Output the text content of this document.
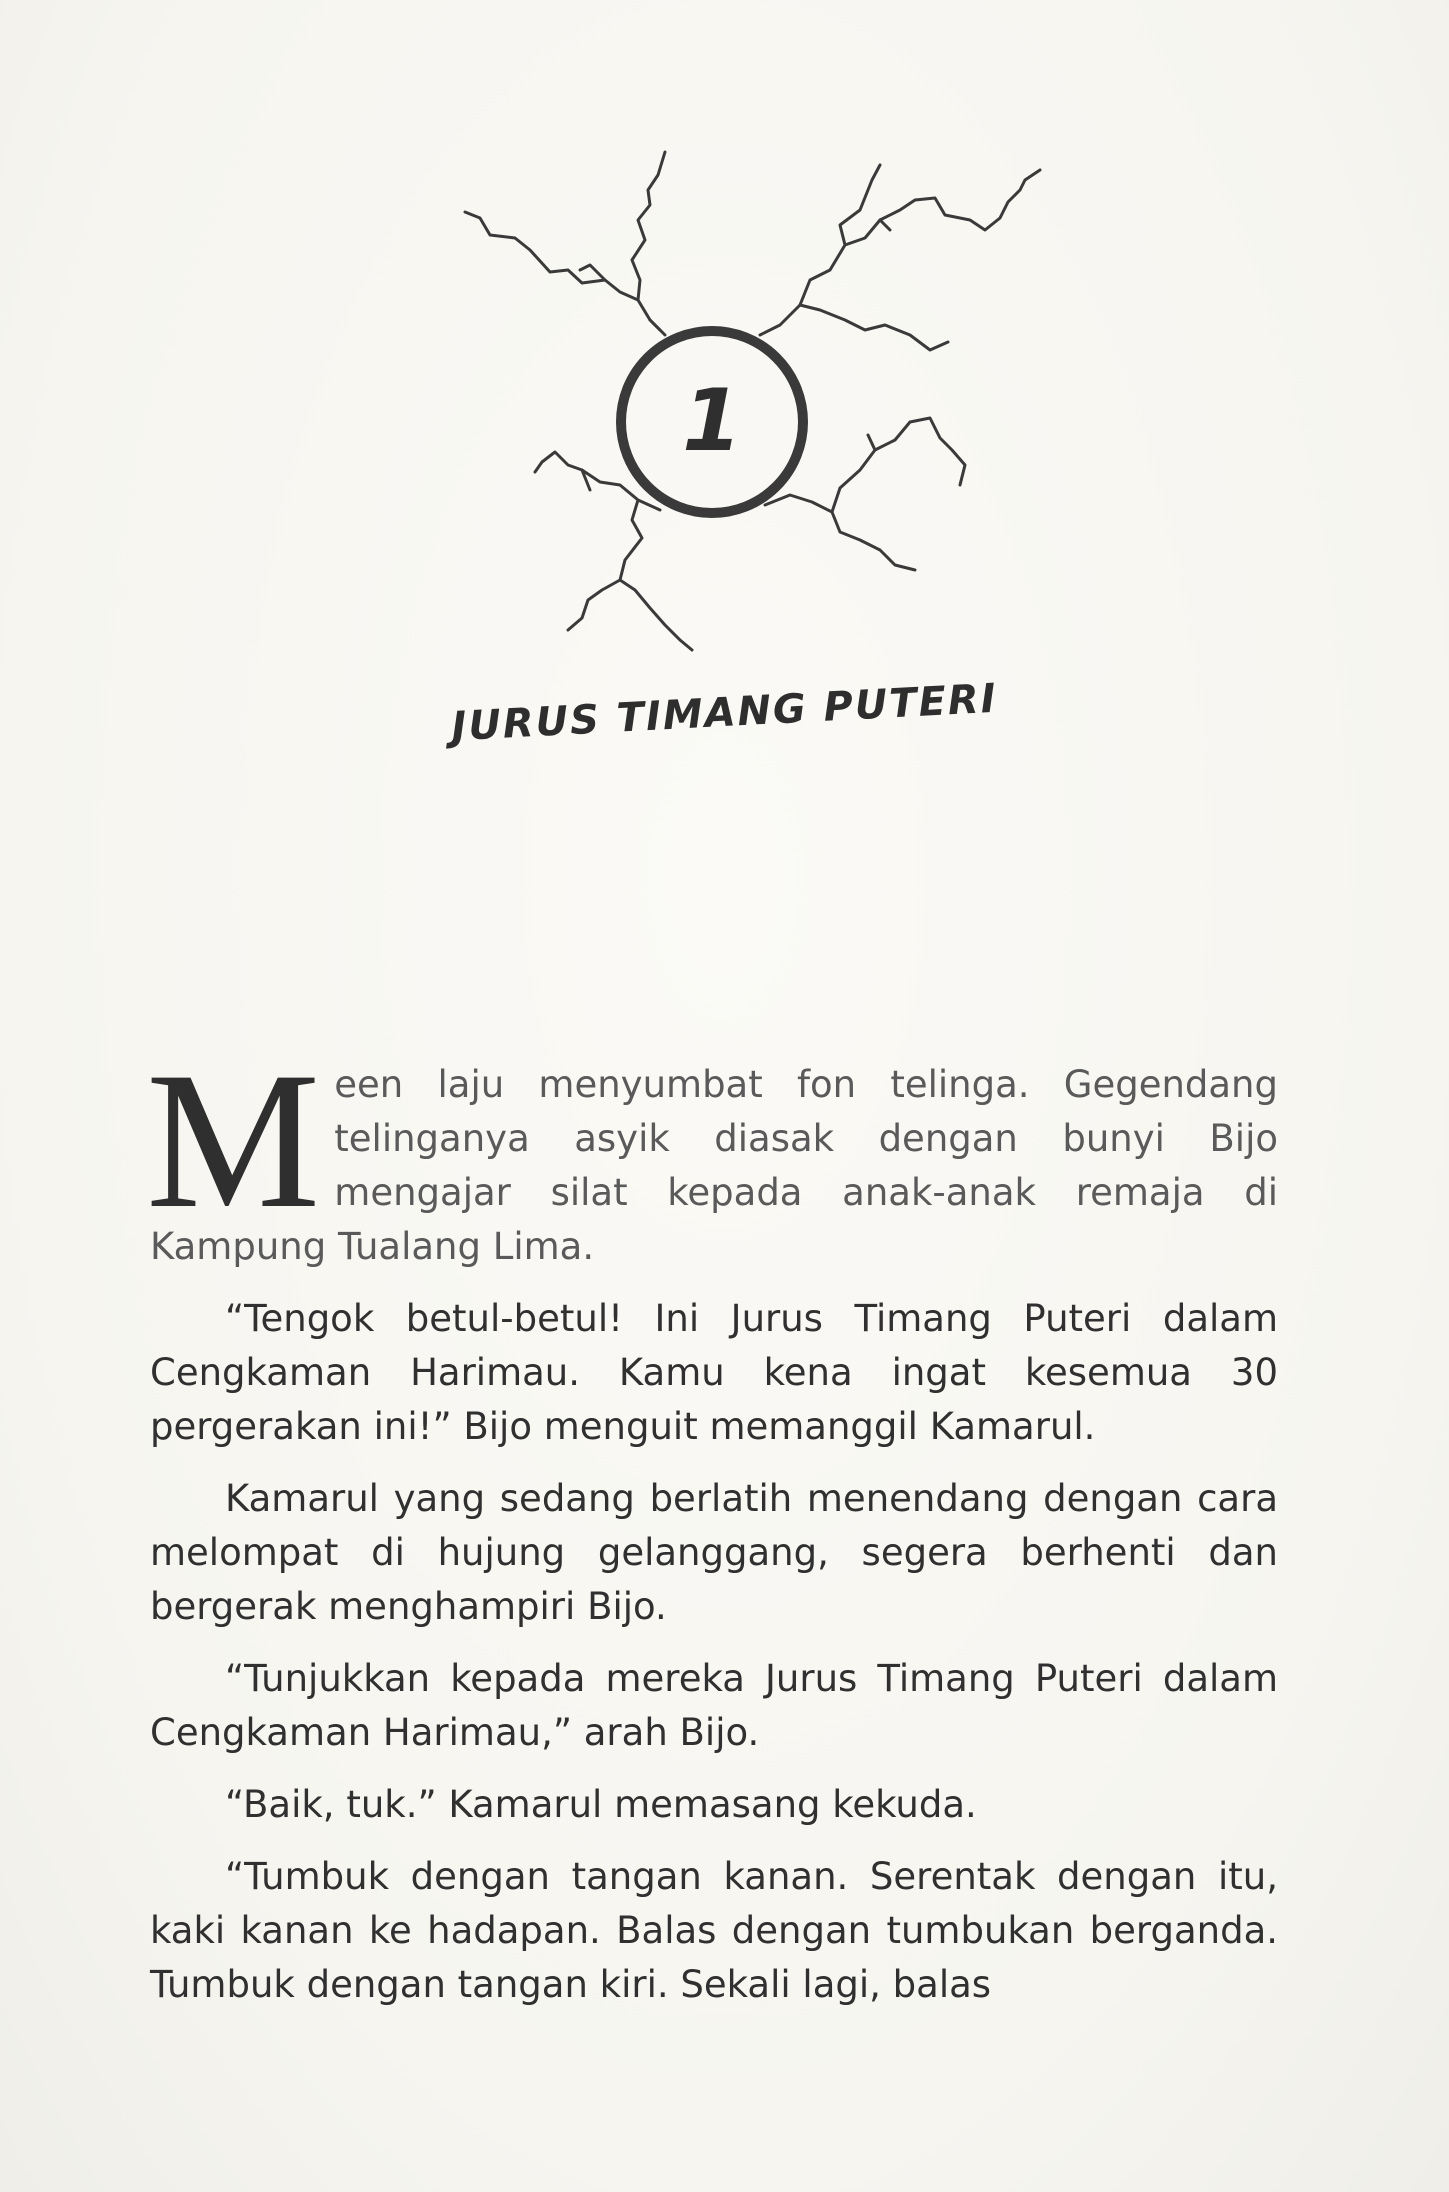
1
JURUS TIMANG PUTERI

M een laju menyumbat fon telinga. Gegendang telinganya asyik diasak dengan bunyi Bijo mengajar silat kepada anak-anak remaja di Kampung Tualang Lima.

“Tengok betul-betul! Ini Jurus Timang Puteri dalam Cengkaman Harimau. Kamu kena ingat kesemua 30 pergerakan ini!” Bijo menguit memanggil Kamarul.

Kamarul yang sedang berlatih menendang dengan cara melompat di hujung gelanggang, segera berhenti dan bergerak menghampiri Bijo.

“Tunjukkan kepada mereka Jurus Timang Puteri dalam Cengkaman Harimau,” arah Bijo.

“Baik, tuk.” Kamarul memasang kekuda.

“Tumbuk dengan tangan kanan. Serentak dengan itu, kaki kanan ke hadapan. Balas dengan tumbukan berganda. Tumbuk dengan tangan kiri. Sekali lagi, balas
